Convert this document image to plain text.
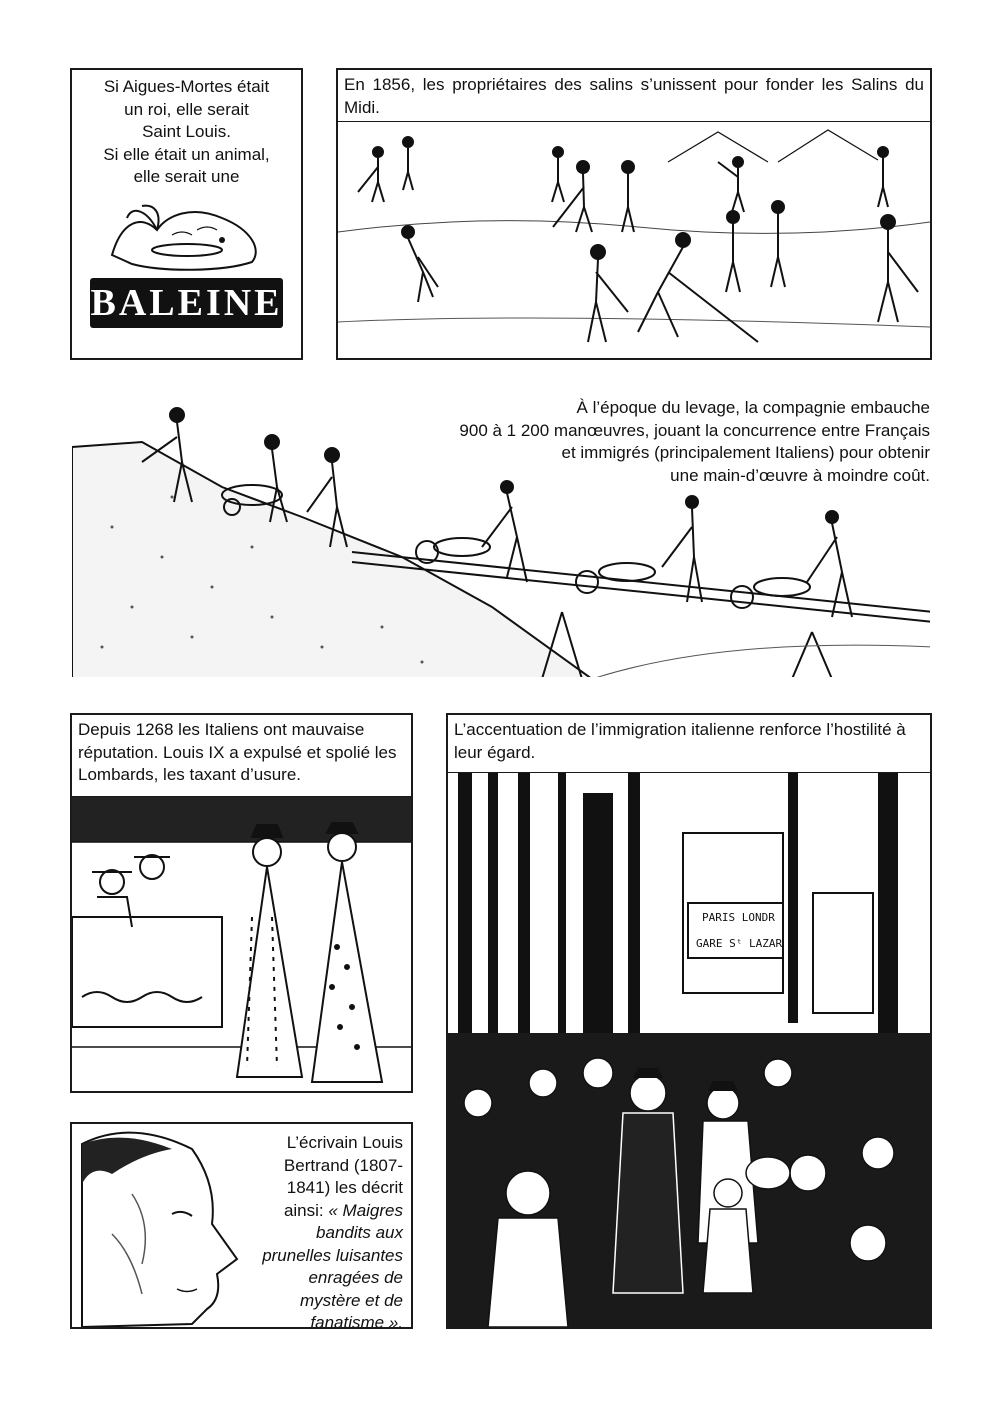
Si Aigues-Mortes était
un roi, elle serait
Saint Louis.
Si elle était un animal,
elle serait une
BALEINE
En 1856, les propriétaires des salins s’unissent pour fonder les Salins du Midi.
À l’époque du levage, la compagnie embauche
900 à 1 200 manœuvres, jouant la concurrence entre Français
et immigrés (principalement Italiens) pour obtenir
une main-d’œuvre à moindre coût.
Depuis 1268 les Italiens ont mauvaise réputation. Louis IX a expulsé et spolié les Lombards, les taxant d’usure.
L’accentuation de l’immigration italienne renforce l’hostilité à leur égard.
PARIS LONDR
GARE Sᵗ LAZAR
L’écrivain Louis
Bertrand (1807-
1841) les décrit
ainsi: « Maigres
bandits aux
prunelles luisantes
enragées de
mystère et de
fanatisme ».
